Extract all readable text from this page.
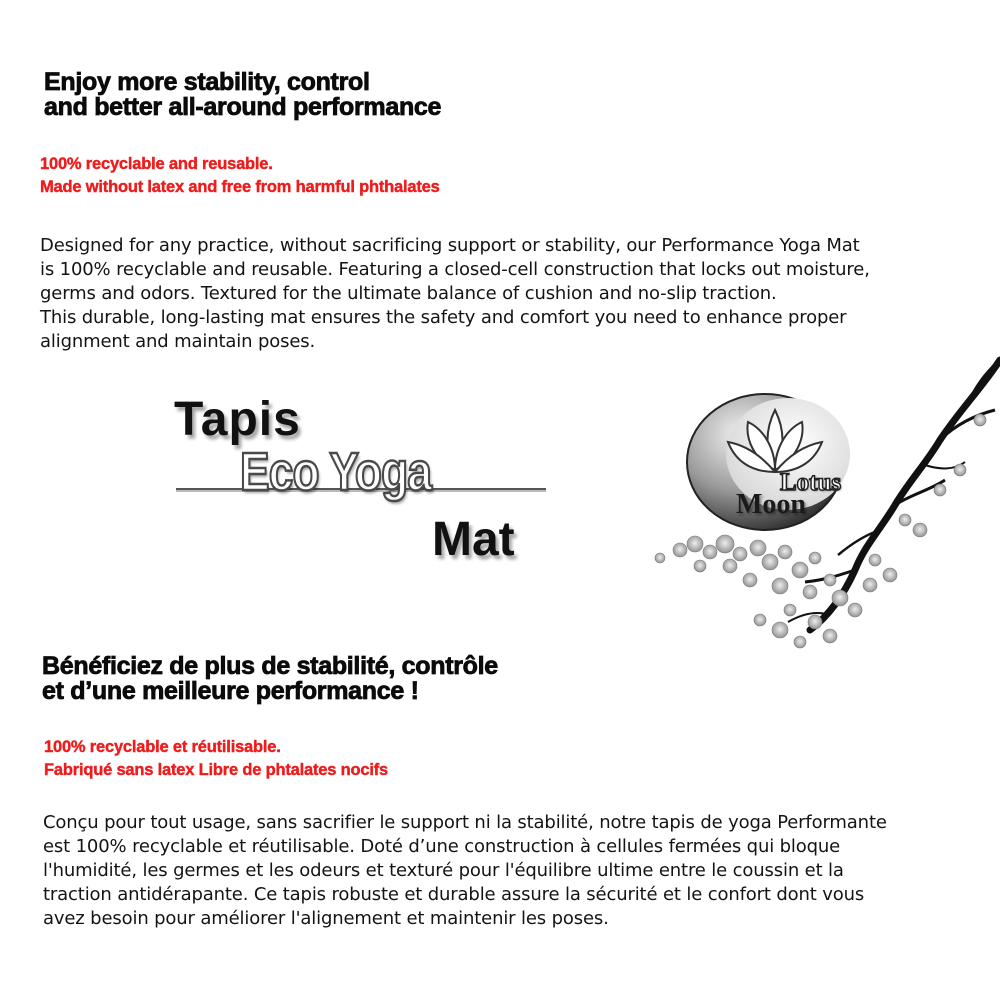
Enjoy more stability, control
and better all-around performance

100% recyclable and reusable.
Made without latex and free from harmful phthalates

Designed for any practice, without sacrificing support or stability, our Performance Yoga Mat
is 100% recyclable and reusable. Featuring a closed-cell construction that locks out moisture,
germs and odors. Textured for the ultimate balance of cushion and no-slip traction.
This durable, long-lasting mat ensures the safety and comfort you need to enhance proper
alignment and maintain poses.
Tapis
Eco Yoga
Mat
Lotus
Moon
Bénéficiez de plus de stabilité, contrôle
et d’une meilleure performance !

100% recyclable et réutilisable.
Fabriqué sans latex Libre de phtalates nocifs

Conçu pour tout usage, sans sacrifier le support ni la stabilité, notre tapis de yoga Performante
est 100% recyclable et réutilisable. Doté d’une construction à cellules fermées qui bloque
l'humidité, les germes et les odeurs et texturé pour l'équilibre ultime entre le coussin et la
traction antidérapante. Ce tapis robuste et durable assure la sécurité et le confort dont vous
avez besoin pour améliorer l'alignement et maintenir les poses.
